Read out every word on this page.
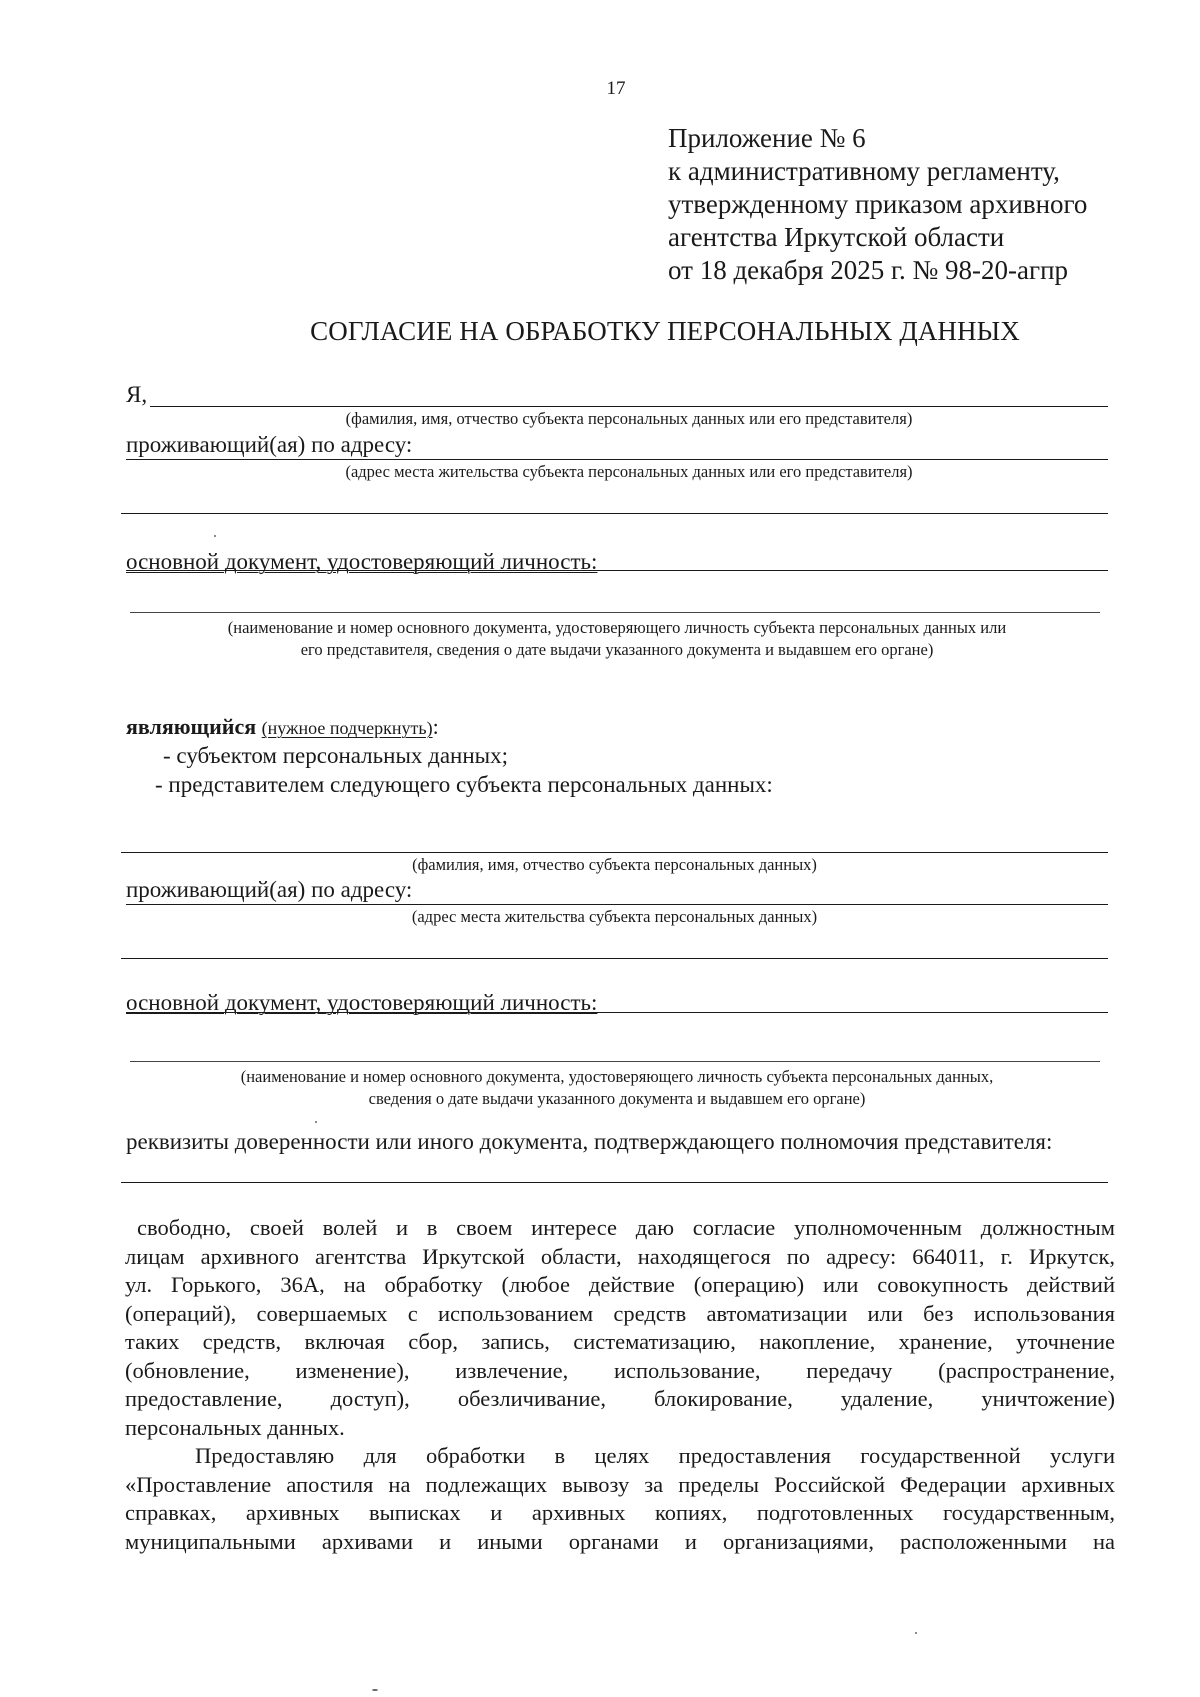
17
Приложение № 6
к административному регламенту,
утвержденному приказом архивного
агентства Иркутской области
от 18 декабря 2025 г. № 98-20-агпр
СОГЛАСИЕ НА ОБРАБОТКУ ПЕРСОНАЛЬНЫХ ДАННЫХ
Я,
(фамилия, имя, отчество субъекта персональных данных или его представителя)
проживающий(ая) по адресу:
(адрес места жительства субъекта персональных данных или его представителя)
основной документ, удостоверяющий личность:
(наименование и номер основного документа, удостоверяющего личность субъекта персональных данных или
его представителя, сведения о дате выдачи указанного документа и выдавшем его органе)
являющийся (нужное подчеркнуть):
- субъектом персональных данных;
- представителем следующего субъекта персональных данных:
(фамилия, имя, отчество субъекта персональных данных)
проживающий(ая) по адресу:
(адрес места жительства субъекта персональных данных)
основной документ, удостоверяющий личность:
(наименование и номер основного документа, удостоверяющего личность субъекта персональных данных,
сведения о дате выдачи указанного документа и выдавшем его органе)
реквизиты доверенности или иного документа, подтверждающего полномочия представителя:
свободно, своей волей и в своем интересе даю согласие уполномоченным должностным
лицам архивного агентства Иркутской области, находящегося по адресу: 664011, г. Иркутск,
ул. Горького, 36А, на обработку (любое действие (операцию) или совокупность действий
(операций), совершаемых с использованием средств автоматизации или без использования
таких средств, включая сбор, запись, систематизацию, накопление, хранение, уточнение
(обновление, изменение), извлечение, использование, передачу (распространение,
предоставление, доступ), обезличивание, блокирование, удаление, уничтожение)
персональных данных.
Предоставляю для обработки в целях предоставления государственной услуги
«Проставление апостиля на подлежащих вывозу за пределы Российской Федерации архивных
справках, архивных выписках и архивных копиях, подготовленных государственным,
муниципальными архивами и иными органами и организациями, расположенными на
